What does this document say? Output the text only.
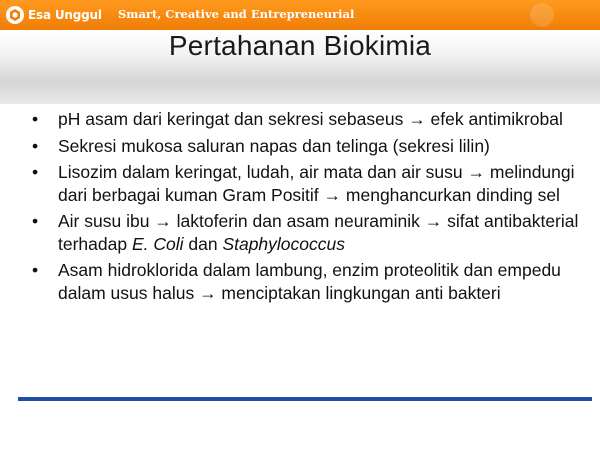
Esa Unggul Smart, Creative and Entrepreneurial
Pertahanan Biokimia
• pH asam dari keringat dan sekresi sebaseus → efek antimikrobal
• Sekresi mukosa saluran napas dan telinga (sekresi lilin)
• Lisozim dalam keringat, ludah, air mata dan air susu → melindungi dari berbagai kuman Gram Positif → menghancurkan dinding sel
• Air susu ibu → laktoferin dan asam neuraminik → sifat antibakterial terhadap E. Coli dan Staphylococcus
• Asam hidroklorida dalam lambung, enzim proteolitik dan empedu dalam usus halus → menciptakan lingkungan anti bakteri
